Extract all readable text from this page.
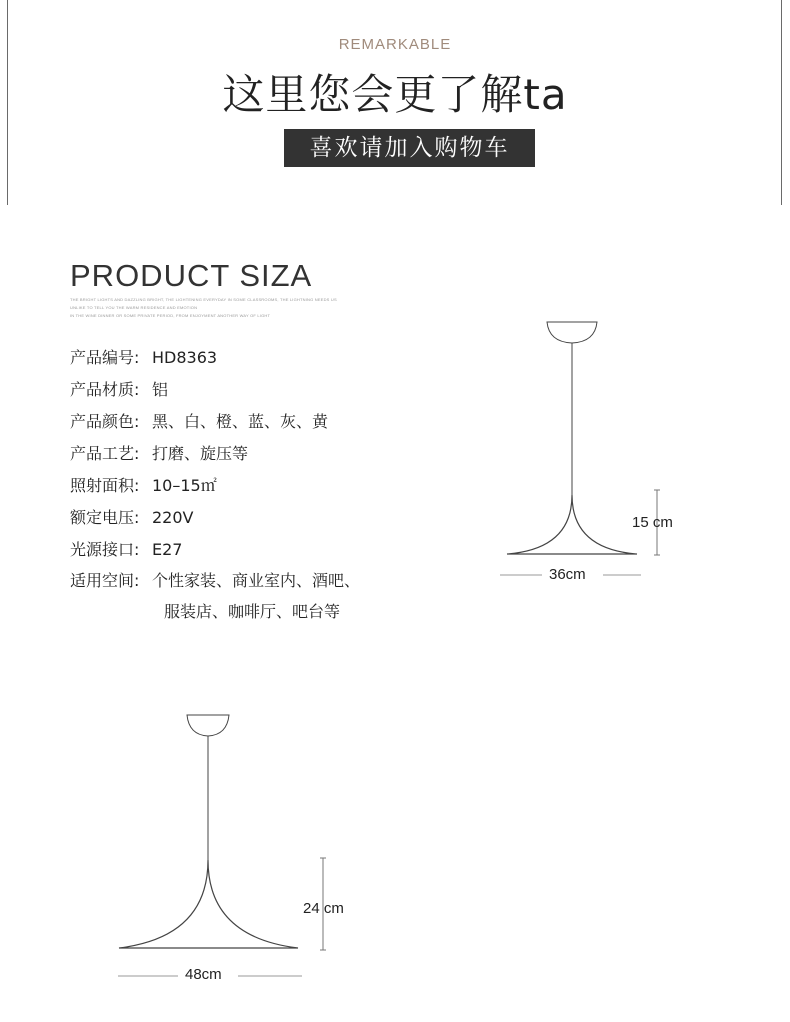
REMARKABLE
这里您会更了解ta
喜欢请加入购物车
PRODUCT SIZA
THE BRIGHT LIGHTS AND DAZZLING BRIGHT, THE LIGHTENING EVERYDAY IN SOME CLASSROOMS, THE LIGHTNING NEEDS US
UNLIKE TO TELL YOU THE WARM RESIDENCE AND EMOTION
IN THE WINE DINNER OR SOME PRIVATE PERIOD, FROM ENJOYMENT ANOTHER WAY OF LIGHT
产品编号: HD8363
产品材质: 铝
产品颜色: 黑、白、橙、蓝、灰、黄
产品工艺: 打磨、旋压等
照射面积: 10–15㎡
额定电压: 220V
光源接口: E27
适用空间: 个性家装、商业室内、酒吧、
服装店、咖啡厅、吧台等
15 cm
36cm
24 cm
48cm
